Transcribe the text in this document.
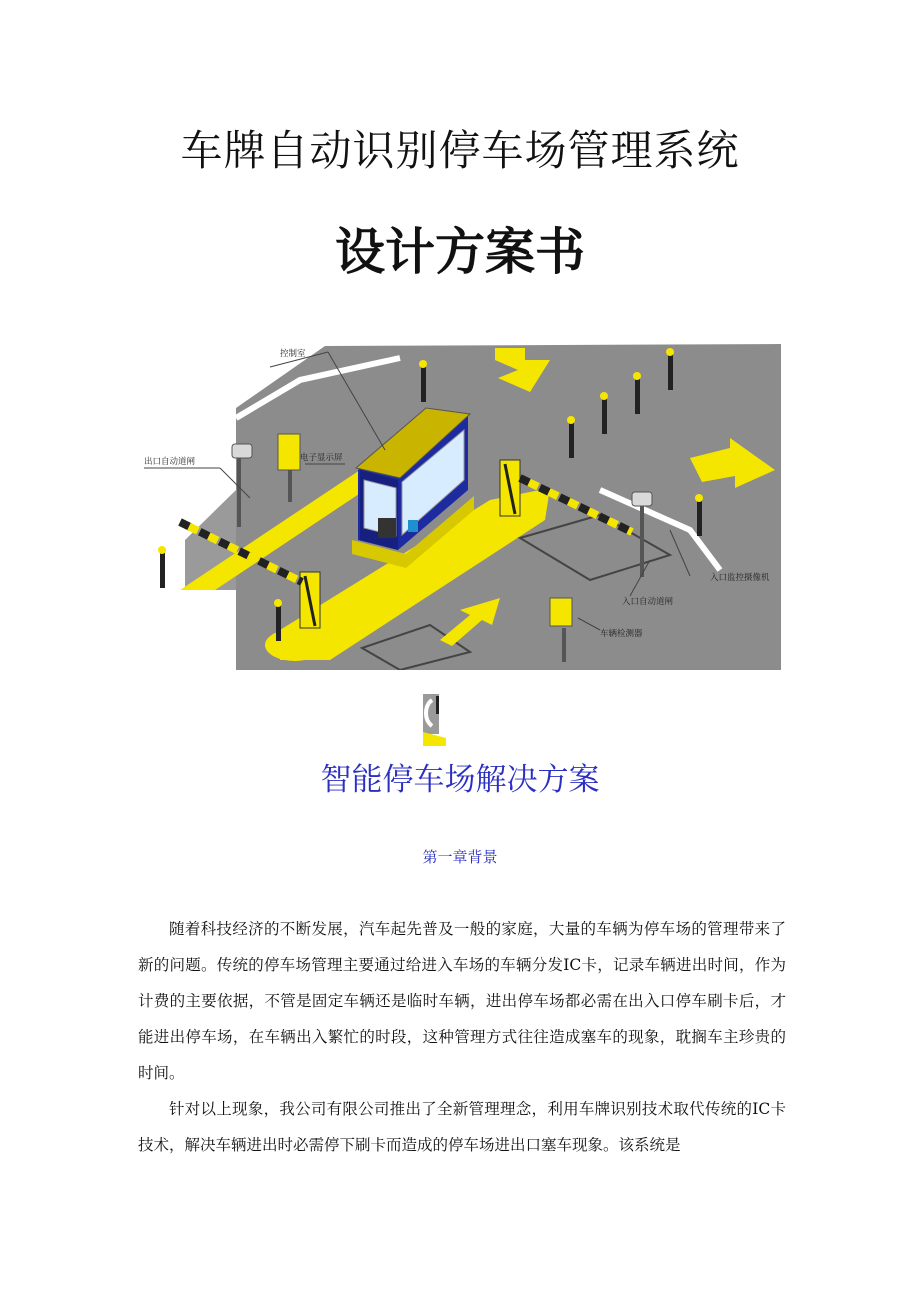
车牌自动识别停车场管理系统
设计方案书
控制室
出口自动道闸	电子显示屏
入口监控摄像机
入口自动道闸
车辆检测器
智能停车场解决方案
第一章背景

随着科技经济的不断发展，汽车起先普及一般的家庭，大量的车辆为停车场的管理带来了新的问题。传统的停车场管理主要通过给进入车场的车辆分发IC卡，记录车辆进出时间，作为计费的主要依据，不管是固定车辆还是临时车辆，进出停车场都必需在出入口停车刷卡后，才能进出停车场，在车辆出入繁忙的时段，这种管理方式往往造成塞车的现象，耽搁车主珍贵的时间。

针对以上现象，我公司有限公司推出了全新管理理念，利用车牌识别技术取代传统的IC卡技术，解决车辆进出时必需停下刷卡而造成的停车场进出口塞车现象。该系统是
